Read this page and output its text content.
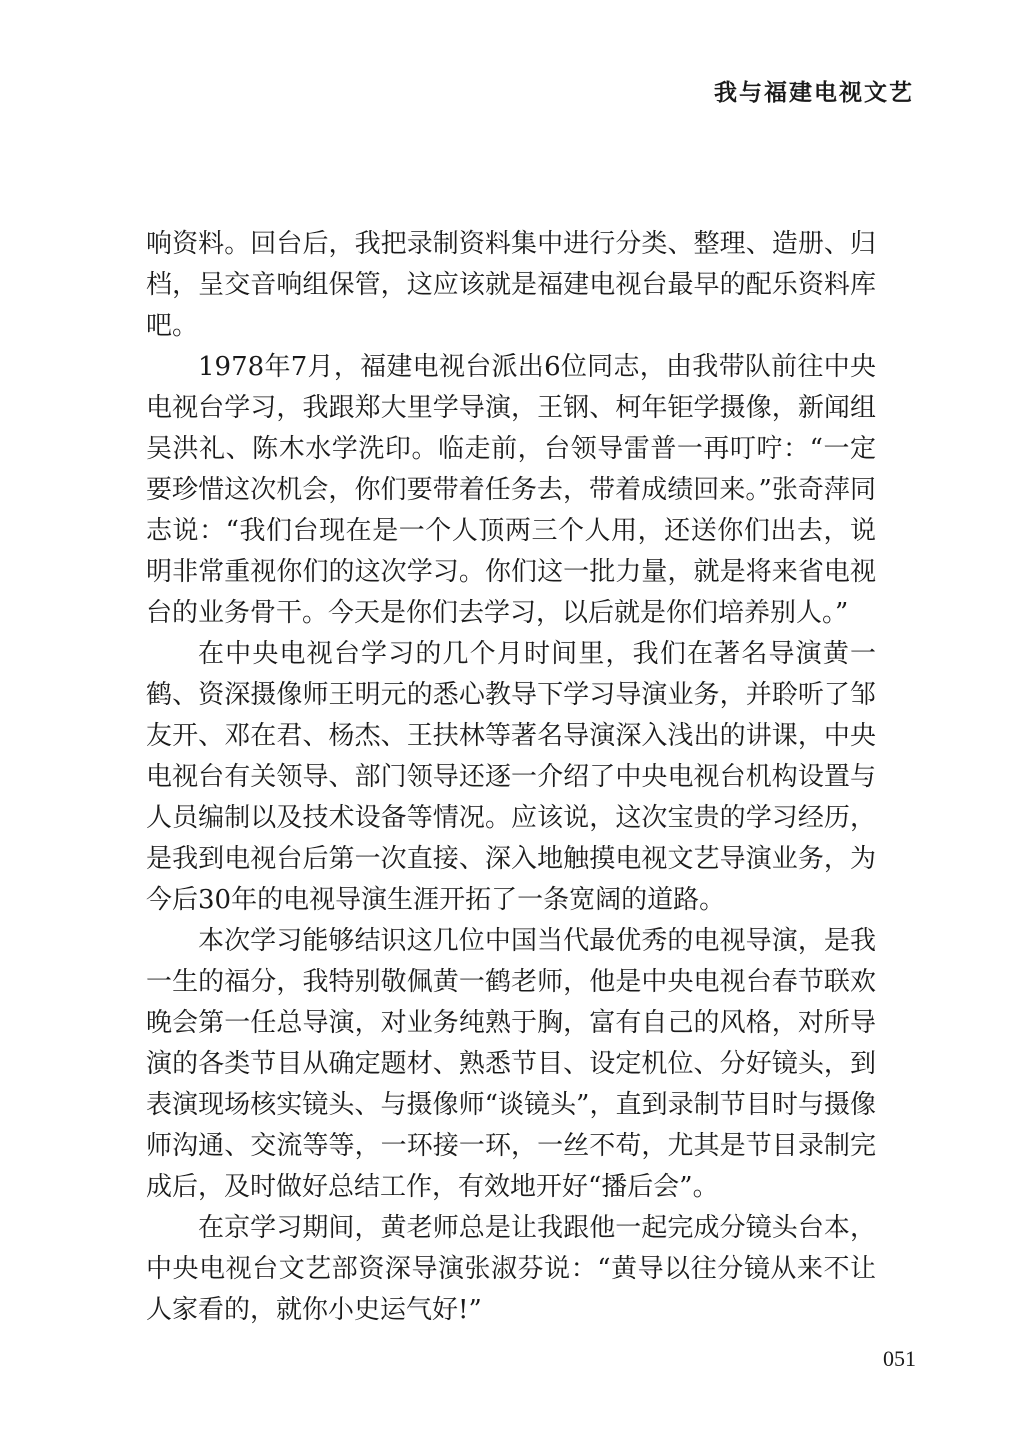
我与福建电视文艺

响资料。回台后，我把录制资料集中进行分类、整理、造册、归档，呈交音响组保管，这应该就是福建电视台最早的配乐资料库吧。

1978年7月，福建电视台派出6位同志，由我带队前往中央电视台学习，我跟郑大里学导演，王钢、柯年钜学摄像，新闻组吴洪礼、陈木水学洗印。临走前，台领导雷普一再叮咛：“一定要珍惜这次机会，你们要带着任务去，带着成绩回来。”张奇萍同志说：“我们台现在是一个人顶两三个人用，还送你们出去，说明非常重视你们的这次学习。你们这一批力量，就是将来省电视台的业务骨干。今天是你们去学习，以后就是你们培养别人。”

在中央电视台学习的几个月时间里，我们在著名导演黄一鹤、资深摄像师王明元的悉心教导下学习导演业务，并聆听了邹友开、邓在君、杨杰、王扶林等著名导演深入浅出的讲课，中央电视台有关领导、部门领导还逐一介绍了中央电视台机构设置与人员编制以及技术设备等情况。应该说，这次宝贵的学习经历，是我到电视台后第一次直接、深入地触摸电视文艺导演业务，为今后30年的电视导演生涯开拓了一条宽阔的道路。

本次学习能够结识这几位中国当代最优秀的电视导演，是我一生的福分，我特别敬佩黄一鹤老师，他是中央电视台春节联欢晚会第一任总导演，对业务纯熟于胸，富有自己的风格，对所导演的各类节目从确定题材、熟悉节目、设定机位、分好镜头，到表演现场核实镜头、与摄像师“谈镜头”，直到录制节目时与摄像师沟通、交流等等，一环接一环，一丝不苟，尤其是节目录制完成后，及时做好总结工作，有效地开好“播后会”。

在京学习期间，黄老师总是让我跟他一起完成分镜头台本，中央电视台文艺部资深导演张淑芬说：“黄导以往分镜从来不让人家看的，就你小史运气好!”

051
